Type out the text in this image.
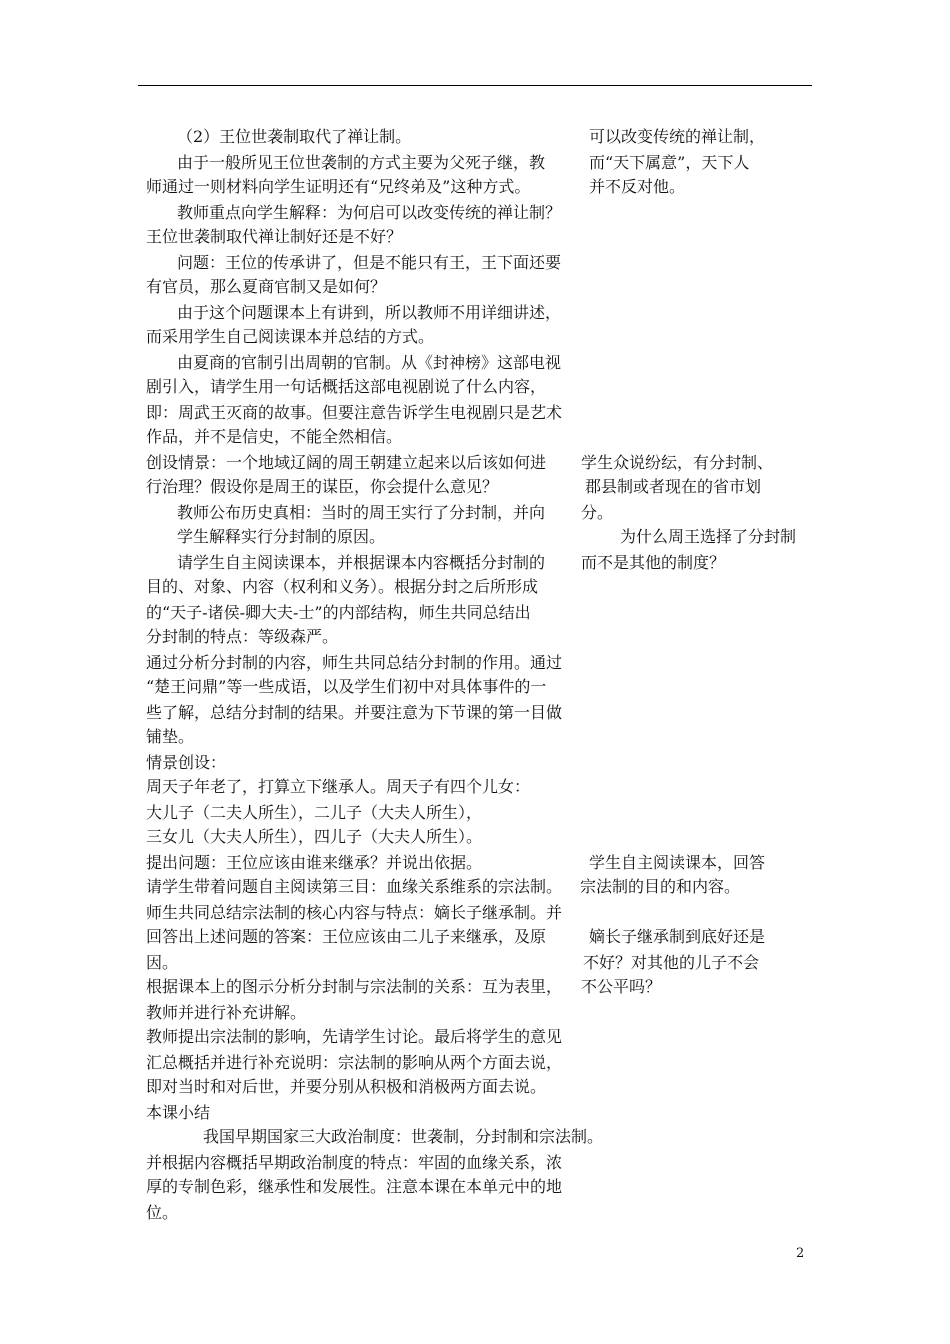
（2）王位世袭制取代了禅让制。
由于一般所见王位世袭制的方式主要为父死子继，教
师通过一则材料向学生证明还有“兄终弟及”这种方式。
教师重点向学生解释：为何启可以改变传统的禅让制？
王位世袭制取代禅让制好还是不好？
问题：王位的传承讲了，但是不能只有王，王下面还要
有官员，那么夏商官制又是如何？
由于这个问题课本上有讲到，所以教师不用详细讲述，
而采用学生自己阅读课本并总结的方式。
由夏商的官制引出周朝的官制。从《封神榜》这部电视
剧引入，请学生用一句话概括这部电视剧说了什么内容，
即：周武王灭商的故事。但要注意告诉学生电视剧只是艺术
作品，并不是信史，不能全然相信。
创设情景：一个地域辽阔的周王朝建立起来以后该如何进
行治理？假设你是周王的谋臣，你会提什么意见？
教师公布历史真相：当时的周王实行了分封制，并向
学生解释实行分封制的原因。
请学生自主阅读课本，并根据课本内容概括分封制的
目的、对象、内容（权利和义务）。根据分封之后所形成
的“天子-诸侯-卿大夫-士”的内部结构，师生共同总结出
分封制的特点：等级森严。
通过分析分封制的内容，师生共同总结分封制的作用。通过
“楚王问鼎”等一些成语，以及学生们初中对具体事件的一
些了解，总结分封制的结果。并要注意为下节课的第一目做
铺垫。
情景创设：
周天子年老了，打算立下继承人。周天子有四个儿女：
大儿子（二夫人所生），二儿子（大夫人所生），
三女儿（大夫人所生），四儿子（大夫人所生）。
提出问题：王位应该由谁来继承？并说出依据。
请学生带着问题自主阅读第三目：血缘关系维系的宗法制。
师生共同总结宗法制的核心内容与特点：嫡长子继承制。并
回答出上述问题的答案：王位应该由二儿子来继承，及原
因。
根据课本上的图示分析分封制与宗法制的关系：互为表里，
教师并进行补充讲解。
教师提出宗法制的影响，先请学生讨论。最后将学生的意见
汇总概括并进行补充说明：宗法制的影响从两个方面去说，
即对当时和对后世，并要分别从积极和消极两方面去说。
本课小结
我国早期国家三大政治制度：世袭制，分封制和宗法制。
并根据内容概括早期政治制度的特点：牢固的血缘关系，浓
厚的专制色彩，继承性和发展性。注意本课在本单元中的地
位。
可以改变传统的禅让制，
而“天下属意”，天下人
并不反对他。
学生众说纷纭，有分封制、
郡县制或者现在的省市划
分。
为什么周王选择了分封制
而不是其他的制度？
学生自主阅读课本，回答
宗法制的目的和内容。
嫡长子继承制到底好还是
不好？对其他的儿子不会
不公平吗？
2
